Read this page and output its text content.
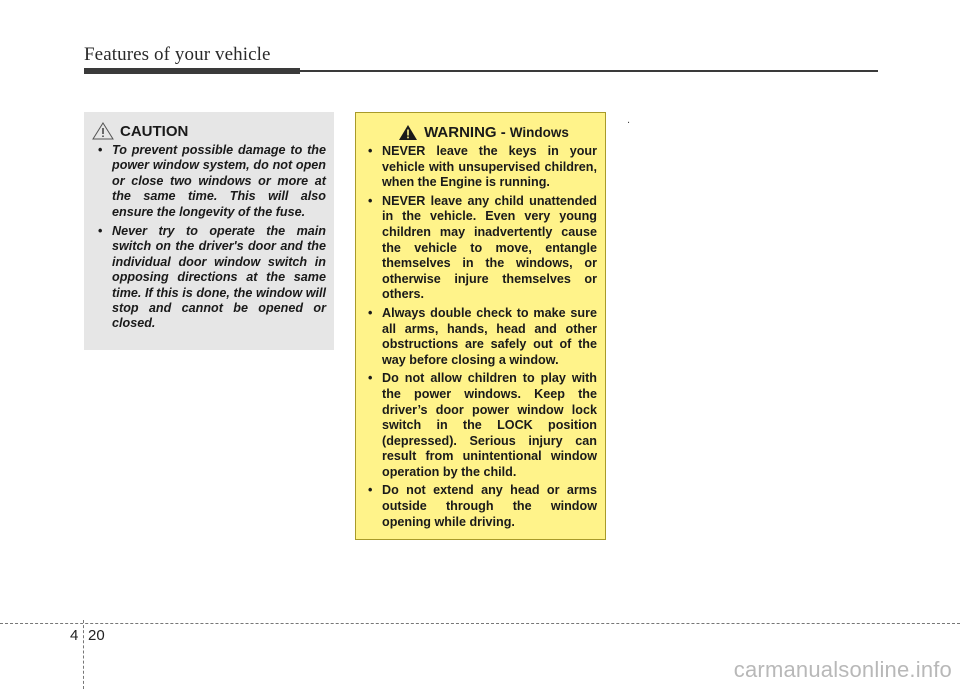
Features of your vehicle
CAUTION
• To prevent possible damage to the power window system, do not open or close two windows or more at the same time. This will also ensure the longevity of the fuse.
• Never try to operate the main switch on the driver's door and the individual door window switch in opposing directions at the same time. If this is done, the window will stop and cannot be opened or closed.
WARNING - Windows
• NEVER leave the keys in your vehicle with unsupervised children, when the Engine is running.
• NEVER leave any child unattended in the vehicle. Even very young children may inadvertently cause the vehicle to move, entangle themselves in the windows, or otherwise injure themselves or others.
• Always double check to make sure all arms, hands, head and other obstructions are safely out of the way before closing a window.
• Do not allow children to play with the power windows. Keep the driver’s door power window lock switch in the LOCK position (depressed). Serious injury can result from unintentional window operation by the child.
• Do not extend any head or arms outside through the window opening while driving.
.
4 20
carmanualsonline.info
